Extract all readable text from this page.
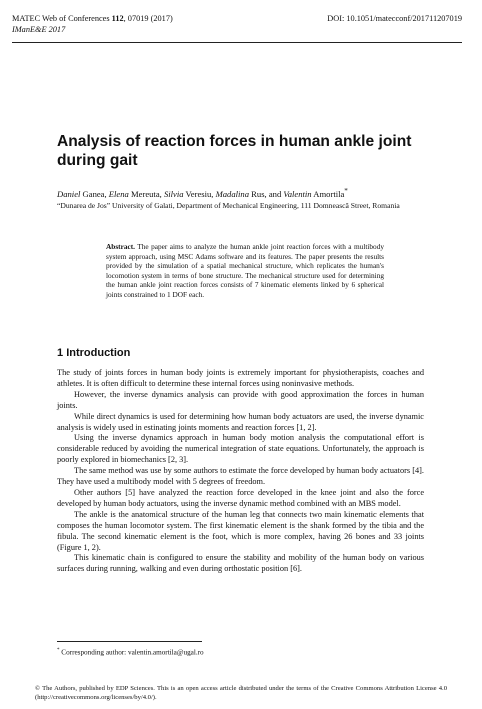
MATEC Web of Conferences 112, 07019 (2017)	DOI: 10.1051/matecconf/201711207019
IManE&E 2017
Analysis of reaction forces in human ankle joint during gait
Daniel Ganea, Elena Mereuta, Silvia Veresiu, Madalina Rus, and Valentin Amortila*
“Dunarea de Jos” University of Galati, Department of Mechanical Engineering, 111 Domnească Street, Romania

Abstract. The paper aims to analyze the human ankle joint reaction forces with a multibody system approach, using MSC Adams software and its features. The paper presents the results provided by the simulation of a spatial mechanical structure, which replicates the human's locomotion system in terms of bone structure. The mechanical structure used for determining the human ankle joint reaction forces consists of 7 kinematic elements linked by 6 spherical joints constrained to 1 DOF each.

1 Introduction

The study of joints forces in human body joints is extremely important for physiotherapists, coaches and athletes. It is often difficult to determine these internal forces using noninvasive methods.

However, the inverse dynamics analysis can provide with good approximation the forces in human joints.

While direct dynamics is used for determining how human body actuators are used, the inverse dynamic analysis is widely used in estinating joints moments and reaction forces [1, 2].

Using the inverse dynamics approach in human body motion analysis the computational effort is considerable reduced by avoiding the numerical integration of state equations. Unfortunately, the approach is poorly explored in biomechanics [2, 3].

The same method was use by some authors to estimate the force developed by human body actuators [4]. They have used a multibody model with 5 degrees of freedom.

Other authors [5] have analyzed the reaction force developed in the knee joint and also the force developed by human body actuators, using the inverse dynamic method combined with an MBS model.

The ankle is the anatomical structure of the human leg that connects two main kinematic elements that composes the human locomotor system. The first kinematic element is the shank formed by the tibia and the fibula. The second kinematic element is the foot, which is more complex, having 26 bones and 33 joints (Figure 1, 2).

This kinematic chain is configured to ensure the stability and mobility of the human body on various surfaces during running, walking and even during orthostatic position [6].

* Corresponding author: valentin.amortila@ugal.ro
© The Authors, published by EDP Sciences. This is an open access article distributed under the terms of the Creative Commons Attribution License 4.0 (http://creativecommons.org/licenses/by/4.0/).
